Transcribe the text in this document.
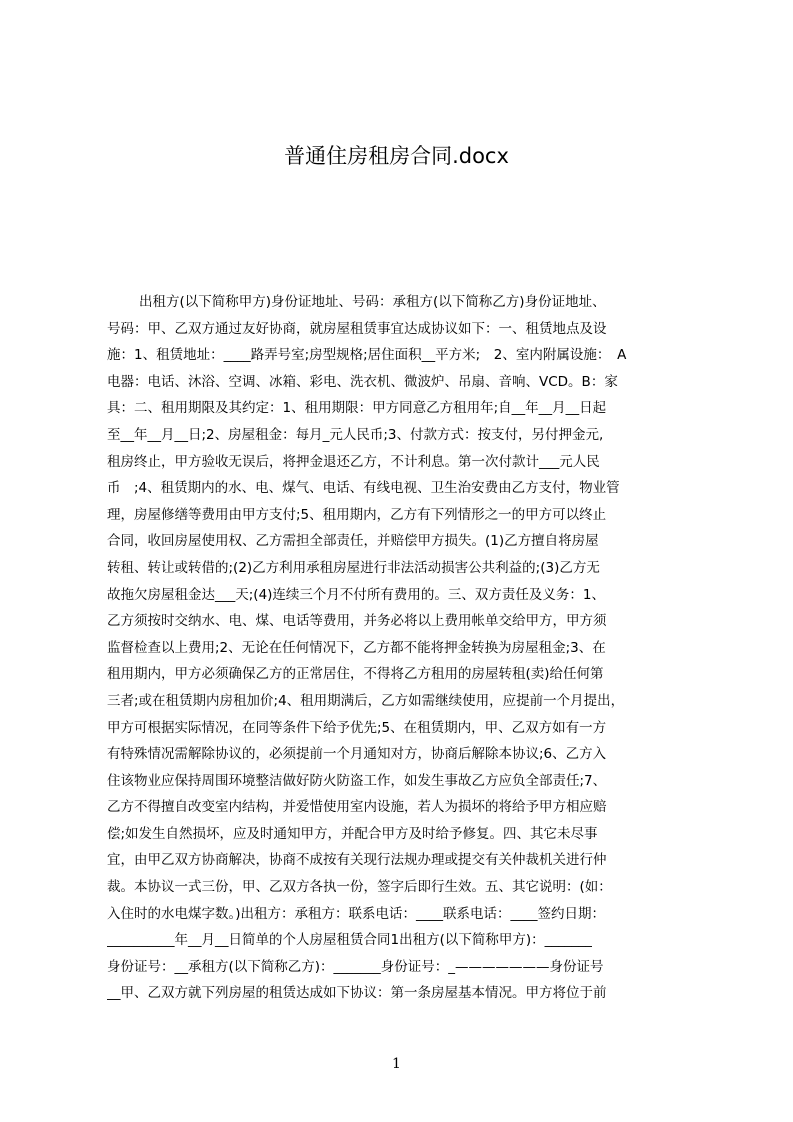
普通住房租房合同.docx
出租方(以下简称甲方)身份证地址、号码：承租方(以下简称乙方)身份证地址、
号码：甲、乙双方通过友好协商，就房屋租赁事宜达成协议如下：一、租赁地点及设
施：1、租赁地址：____路弄号室;房型规格;居住面积__平方米;　2、室内附属设施：　A
电器：电话、沐浴、空调、冰箱、彩电、洗衣机、微波炉、吊扇、音响、VCD。B：家
具：二、租用期限及其约定：1、租用期限：甲方同意乙方租用年;自__年__月__日起
至__年__月__日;2、房屋租金：每月_元人民币;3、付款方式：按支付，另付押金元,
租房终止，甲方验收无误后，将押金退还乙方，不计利息。第一次付款计___元人民
币　;4、租赁期内的水、电、煤气、电话、有线电视、卫生治安费由乙方支付，物业管
理，房屋修缮等费用由甲方支付;5、租用期内，乙方有下列情形之一的甲方可以终止
合同，收回房屋使用权、乙方需担全部责任，并赔偿甲方损失。(1)乙方擅自将房屋
转租、转让或转借的;(2)乙方利用承租房屋进行非法活动损害公共利益的;(3)乙方无
故拖欠房屋租金达___天;(4)连续三个月不付所有费用的。三、双方责任及义务：1、
乙方须按时交纳水、电、煤、电话等费用，并务必将以上费用帐单交给甲方，甲方须
监督检查以上费用;2、无论在任何情况下，乙方都不能将押金转换为房屋租金;3、在
租用期内，甲方必须确保乙方的正常居住，不得将乙方租用的房屋转租(卖)给任何第
三者;或在租赁期内房租加价;4、租用期满后，乙方如需继续使用，应提前一个月提出，
甲方可根据实际情况，在同等条件下给予优先;5、在租赁期内，甲、乙双方如有一方
有特殊情况需解除协议的，必须提前一个月通知对方，协商后解除本协议;6、乙方入
住该物业应保持周围环境整洁做好防火防盗工作，如发生事故乙方应负全部责任;7、
乙方不得擅自改变室内结构，并爱惜使用室内设施，若人为损坏的将给予甲方相应赔
偿;如发生自然损坏，应及时通知甲方，并配合甲方及时给予修复。四、其它未尽事
宜，由甲乙双方协商解决，协商不成按有关现行法规办理或提交有关仲裁机关进行仲
裁。本协议一式三份，甲、乙双方各执一份，签字后即行生效。五、其它说明：(如：
入住时的水电煤字数。)出租方：承租方：联系电话：____联系电话：____签约日期：
__________年__月__日简单的个人房屋租赁合同1出租方(以下简称甲方)：_______
身份证号：__承租方(以下简称乙方)：_______身份证号：_———————身份证号
__甲、乙双方就下列房屋的租赁达成如下协议：第一条房屋基本情况。甲方将位于前
1
